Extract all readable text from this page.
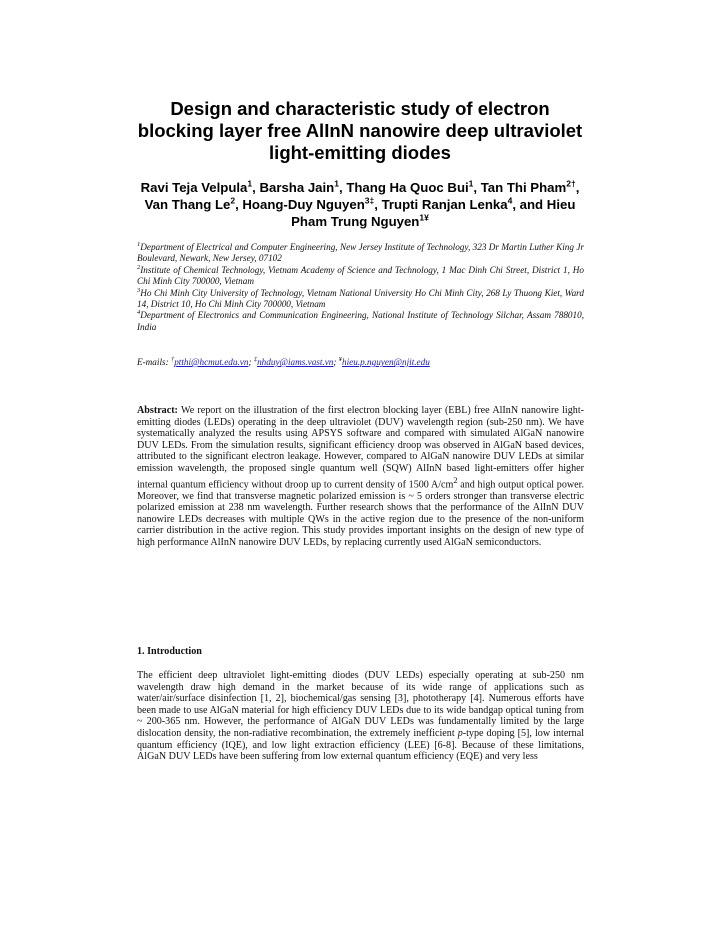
Design and characteristic study of electron blocking layer free AlInN nanowire deep ultraviolet light-emitting diodes
Ravi Teja Velpula$^1$, Barsha Jain$^1$, Thang Ha Quoc Bui$^1$, Tan Thi Pham$^{2\dagger}$, Van Thang Le$^2$, Hoang-Duy Nguyen$^{3\ddagger}$, Trupti Ranjan Lenka$^4$, and Hieu Pham Trung Nguyen$^{1¥}$

$^1$Department of Electrical and Computer Engineering, New Jersey Institute of Technology, 323 Dr Martin Luther King Jr Boulevard, Newark, New Jersey, 07102

$^2$Institute of Chemical Technology, Vietnam Academy of Science and Technology, 1 Mac Dinh Chi Street, District 1, Ho Chi Minh City 700000, Vietnam

$^3$Ho Chi Minh City University of Technology, Vietnam National University Ho Chi Minh City, 268 Ly Thuong Kiet, Ward 14, District 10, Ho Chi Minh City 700000, Vietnam

$^4$Department of Electronics and Communication Engineering, National Institute of Technology Silchar, Assam 788010, India

E-mails: †ptthi@hcmut.edu.vn; ‡nhduy@iams.vast.vn; ¥hieu.p.nguyen@njit.edu
Abstract: We report on the illustration of the first electron blocking layer (EBL) free AlInN nanowire light-emitting diodes (LEDs) operating in the deep ultraviolet (DUV) wavelength region (sub-250 nm). We have systematically analyzed the results using APSYS software and compared with simulated AlGaN nanowire DUV LEDs. From the simulation results, significant efficiency droop was observed in AlGaN based devices, attributed to the significant electron leakage. However, compared to AlGaN nanowire DUV LEDs at similar emission wavelength, the proposed single quantum well (SQW) AlInN based light-emitters offer higher internal quantum efficiency without droop up to current density of 1500 $A/cm^2$ and high output optical power. Moreover, we find that transverse magnetic polarized emission is ~ 5 orders stronger than transverse electric polarized emission at 238 nm wavelength. Further research shows that the performance of the AlInN DUV nanowire LEDs decreases with multiple QWs in the active region due to the presence of the non-uniform carrier distribution in the active region. This study provides important insights on the design of new type of high performance AlInN nanowire DUV LEDs, by replacing currently used AlGaN semiconductors.
1. Introduction
The efficient deep ultraviolet light-emitting diodes (DUV LEDs) especially operating at sub-250 nm wavelength draw high demand in the market because of its wide range of applications such as water/air/surface disinfection [1, 2], biochemical/gas sensing [3], phototherapy [4]. Numerous efforts have been made to use AlGaN material for high efficiency DUV LEDs due to its wide bandgap optical tuning from ~ 200-365 nm. However, the performance of AlGaN DUV LEDs was fundamentally limited by the large dislocation density, the non-radiative recombination, the extremely inefficient p-type doping [5], low internal quantum efficiency (IQE), and low light extraction efficiency (LEE) [6-8]. Because of these limitations, AlGaN DUV LEDs have been suffering from low external quantum efficiency (EQE) and very less
